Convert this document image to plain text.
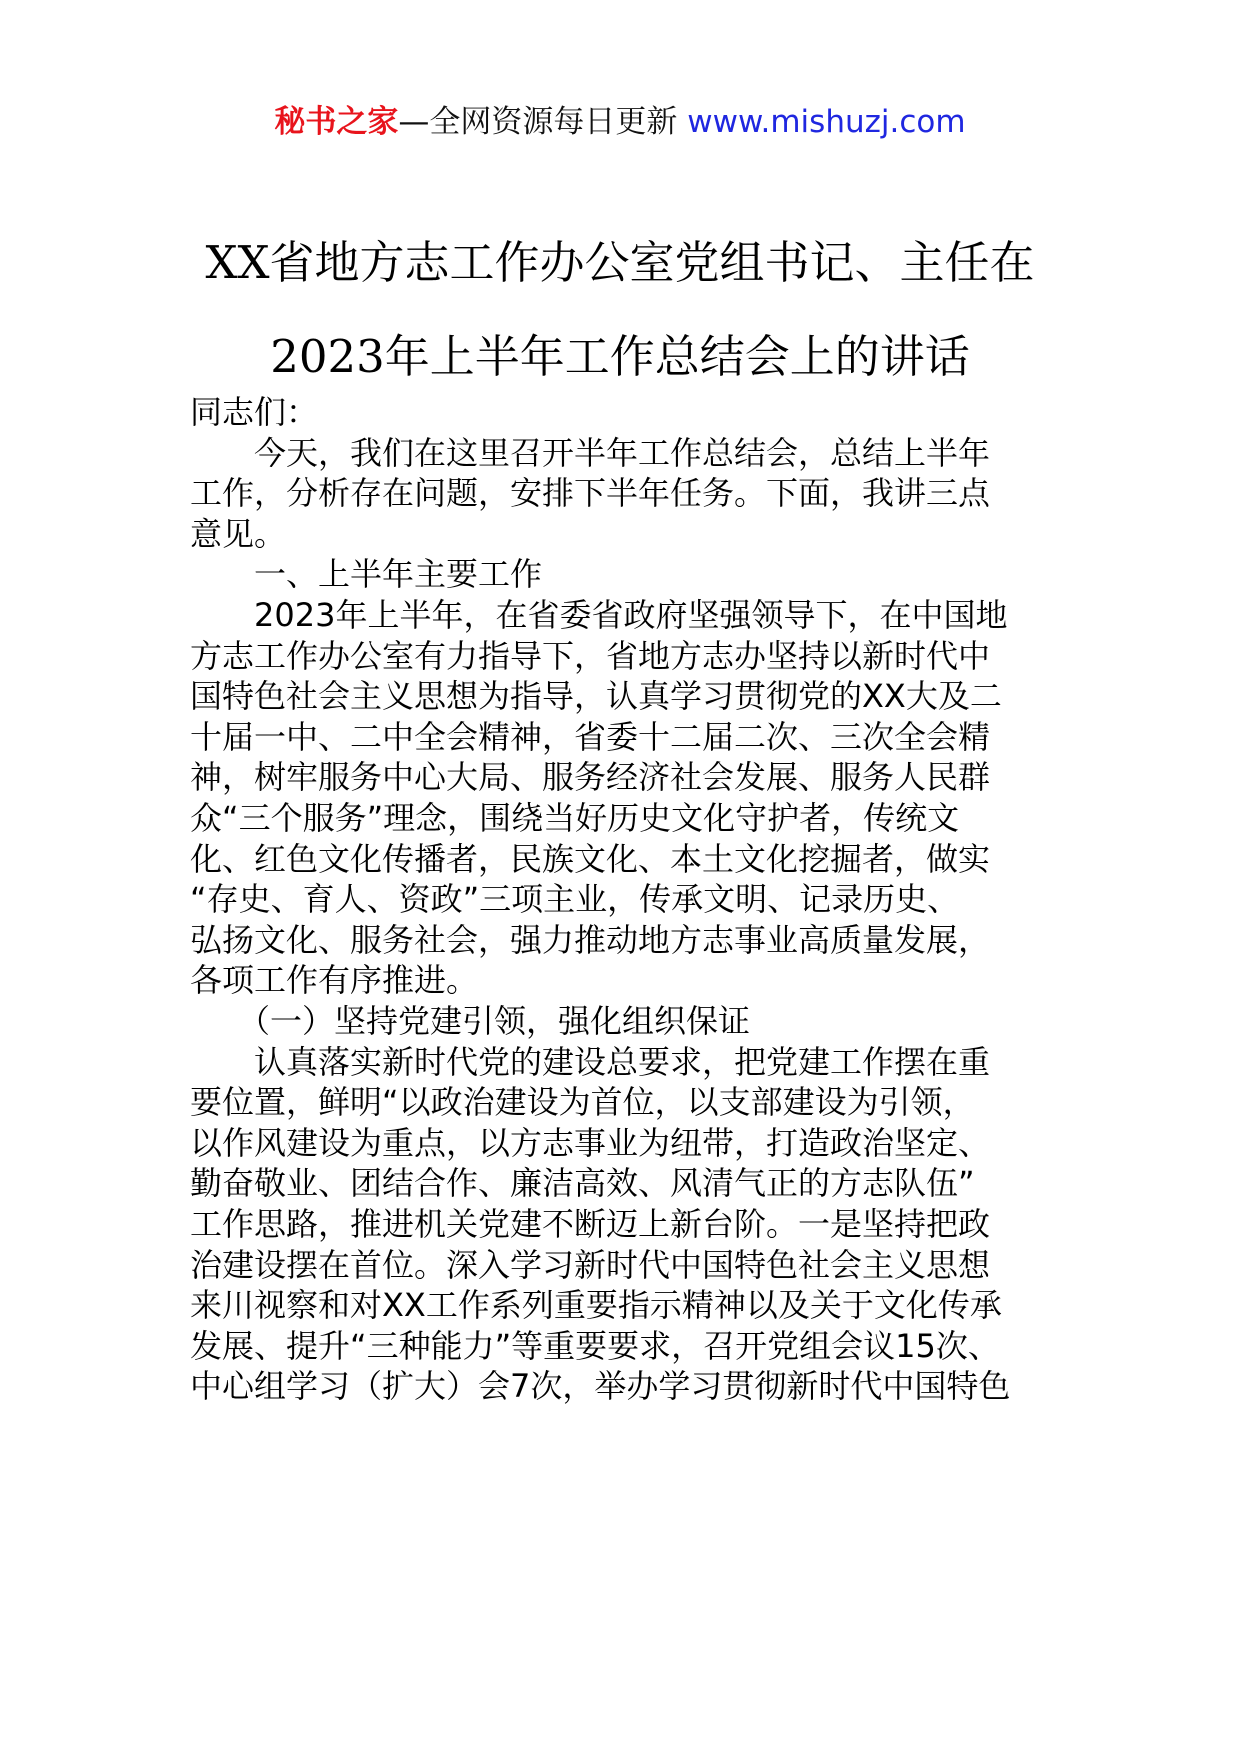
秘书之家—全网资源每日更新 www.mishuzj.com
XX省地方志工作办公室党组书记、主任在
2023年上半年工作总结会上的讲话
同志们：
　　今天，我们在这里召开半年工作总结会，总结上半年
工作，分析存在问题，安排下半年任务。下面，我讲三点
意见。
　　一、上半年主要工作
　　2023年上半年，在省委省政府坚强领导下，在中国地
方志工作办公室有力指导下，省地方志办坚持以新时代中
国特色社会主义思想为指导，认真学习贯彻党的XX大及二
十届一中、二中全会精神，省委十二届二次、三次全会精
神，树牢服务中心大局、服务经济社会发展、服务人民群
众“三个服务”理念，围绕当好历史文化守护者，传统文
化、红色文化传播者，民族文化、本土文化挖掘者，做实
“存史、育人、资政”三项主业，传承文明、记录历史、
弘扬文化、服务社会，强力推动地方志事业高质量发展，
各项工作有序推进。
　　（一）坚持党建引领，强化组织保证
　　认真落实新时代党的建设总要求，把党建工作摆在重
要位置，鲜明“以政治建设为首位，以支部建设为引领，
以作风建设为重点，以方志事业为纽带，打造政治坚定、
勤奋敬业、团结合作、廉洁高效、风清气正的方志队伍”
工作思路，推进机关党建不断迈上新台阶。一是坚持把政
治建设摆在首位。深入学习新时代中国特色社会主义思想
来川视察和对XX工作系列重要指示精神以及关于文化传承
发展、提升“三种能力”等重要要求，召开党组会议15次、
中心组学习（扩大）会7次，举办学习贯彻新时代中国特色
